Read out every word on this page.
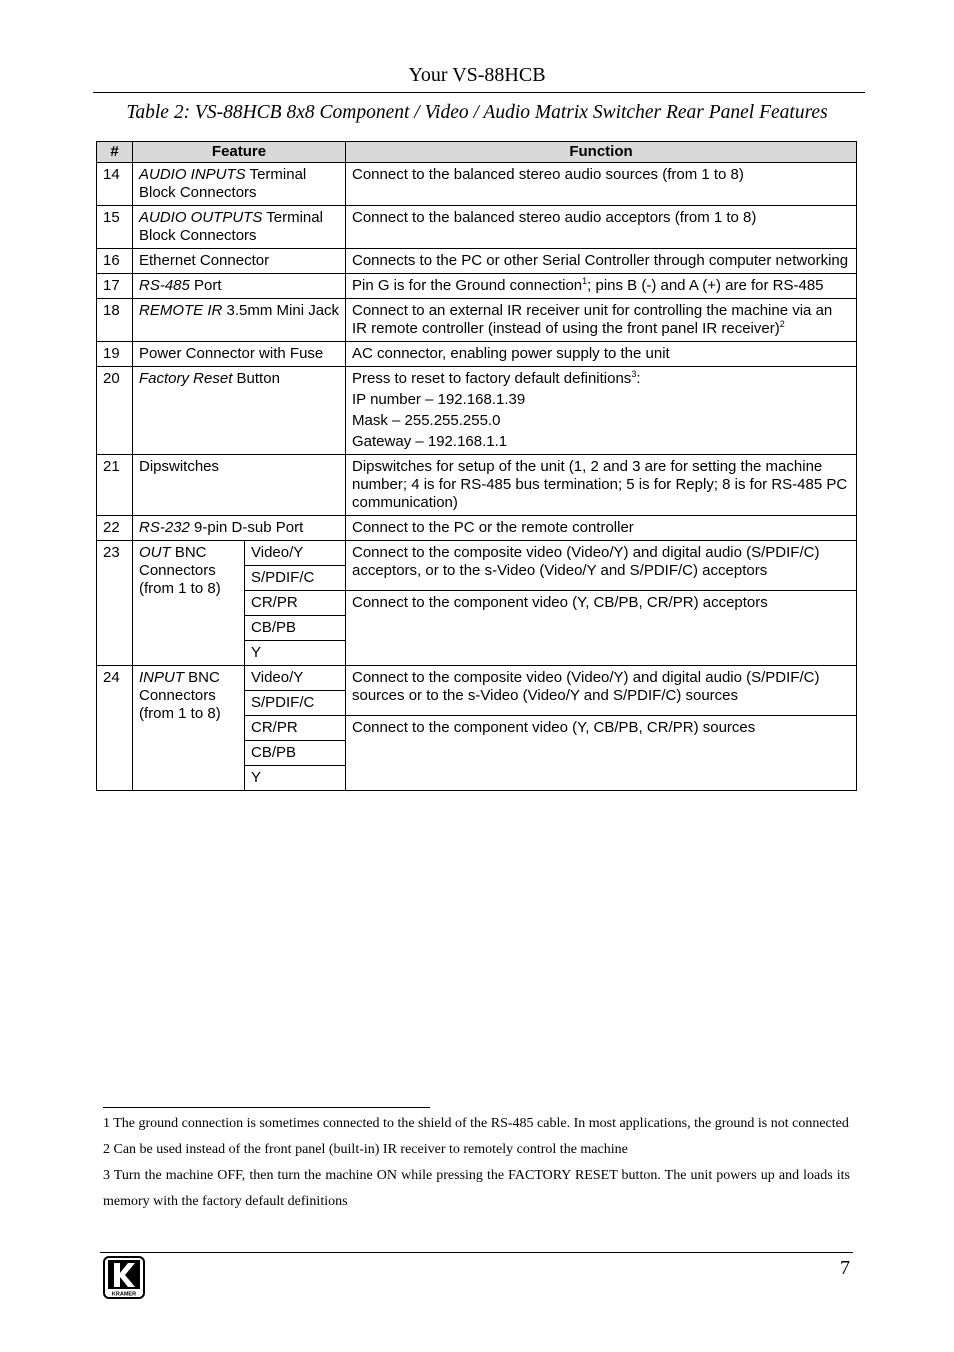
Your VS-88HCB
Table 2: VS-88HCB 8x8 Component / Video / Audio Matrix Switcher Rear Panel Features
#	Feature		Function
14	AUDIO INPUTS Terminal Block Connectors		Connect to the balanced stereo audio sources (from 1 to 8)
15	AUDIO OUTPUTS Terminal Block Connectors		Connect to the balanced stereo audio acceptors (from 1 to 8)
16	Ethernet Connector		Connects to the PC or other Serial Controller through computer networking
17	RS-485 Port		Pin G is for the Ground connection$^1$; pins B (-) and A (+) are for RS-485
18	REMOTE IR 3.5mm Mini Jack		Connect to an external IR receiver unit for controlling the machine via an IR remote controller (instead of using the front panel IR receiver)$^2$
19	Power Connector with Fuse		AC connector, enabling power supply to the unit
20	Factory Reset Button		Press to reset to factory default definitions$^3$:
IP number – 192.168.1.39
Mask – 255.255.255.0
Gateway – 192.168.1.1

21	Dipswitches		Dipswitches for setup of the unit (1, 2 and 3 are for setting the machine number; 4 is for RS-485 bus termination; 5 is for Reply; 8 is for RS-485 PC communication)
22	RS-232 9-pin D-sub Port		Connect to the PC or the remote controller
23	OUT BNC Connectors (from 1 to 8)	Video/Y	Connect to the composite video (Video/Y) and digital audio (S/PDIF/C) acceptors, or to the s-Video (Video/Y and S/PDIF/C) acceptors
		S/PDIF/C	
		CR/PR	Connect to the component video (Y, CB/PB, CR/PR) acceptors
		CB/PB	
		Y	
24	INPUT BNC Connectors (from 1 to 8)	Video/Y	Connect to the composite video (Video/Y) and digital audio (S/PDIF/C) sources or to the s-Video (Video/Y and S/PDIF/C) sources
		S/PDIF/C	
		CR/PR	Connect to the component video (Y, CB/PB, CR/PR) sources
		CB/PB	
		Y	

1 The ground connection is sometimes connected to the shield of the RS-485 cable. In most applications, the ground is not connected

2 Can be used instead of the front panel (built-in) IR receiver to remotely control the machine

3 Turn the machine OFF, then turn the machine ON while pressing the FACTORY RESET button. The unit powers up and loads its memory with the factory default definitions

KRAMER
7
